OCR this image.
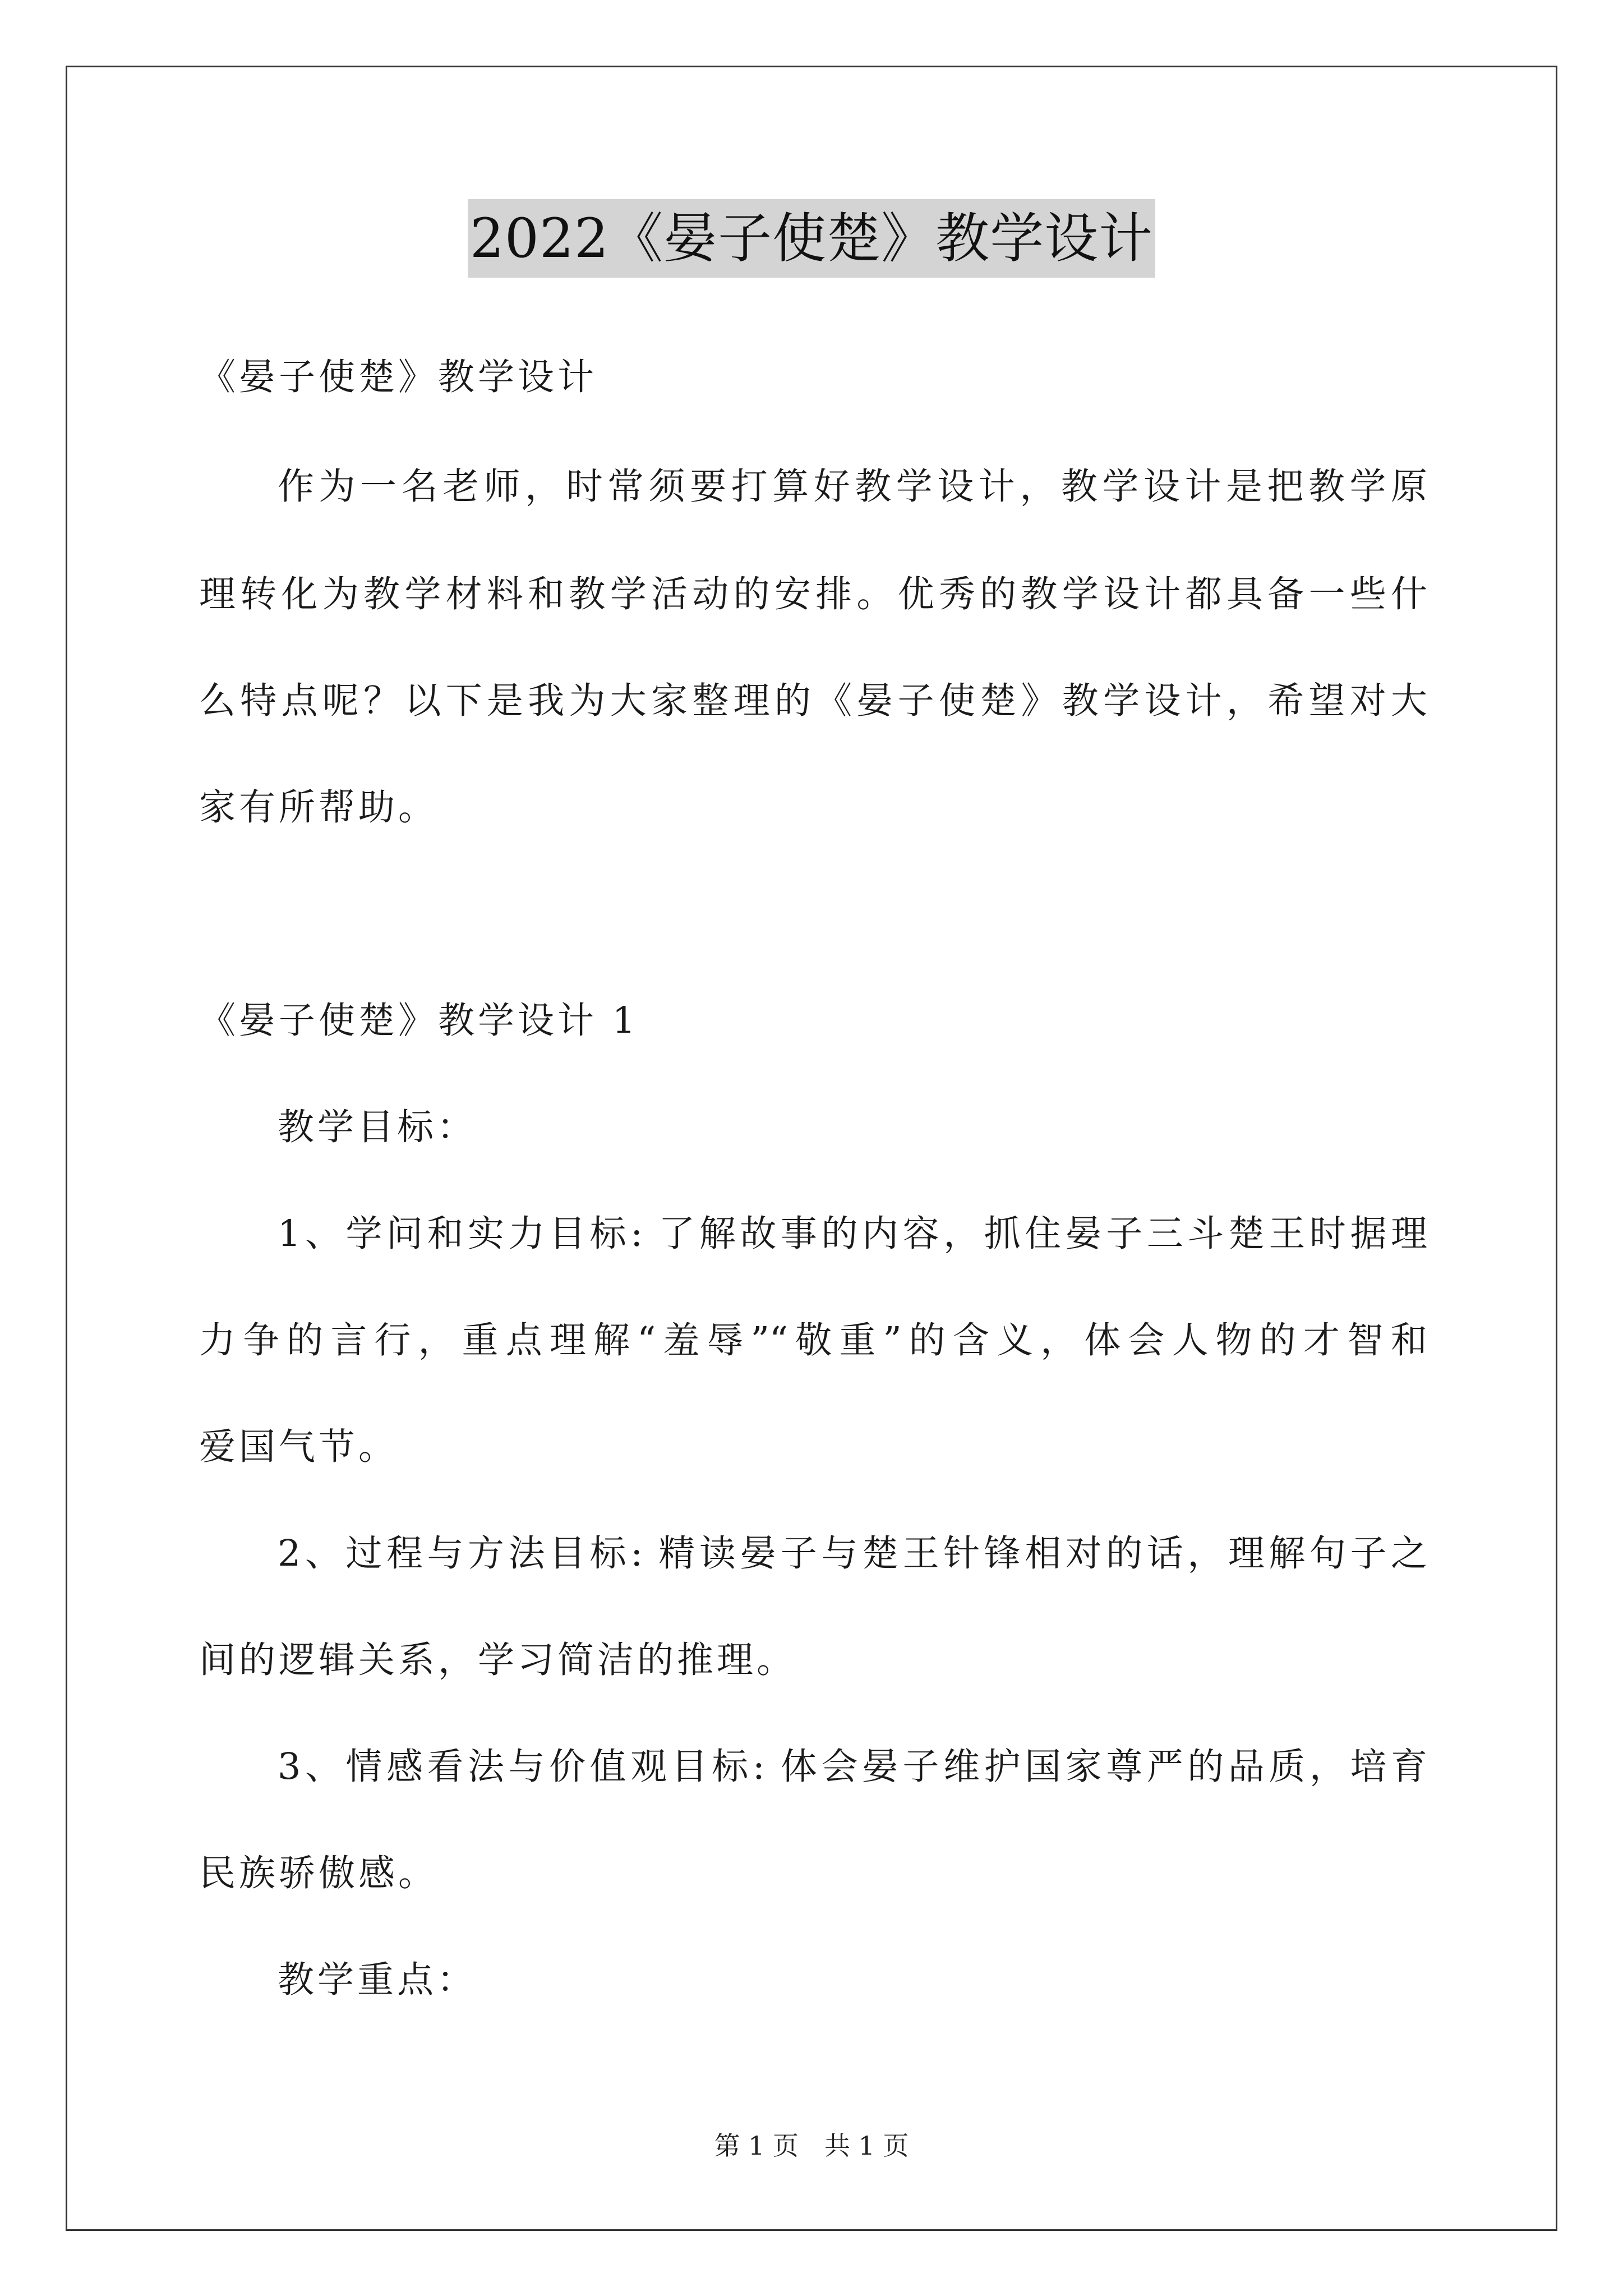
2022《晏子使楚》教学设计
《晏子使楚》教学设计
作为一名老师，时常须要打算好教学设计，教学设计是把教学原
理转化为教学材料和教学活动的安排。优秀的教学设计都具备一些什
么特点呢？以下是我为大家整理的《晏子使楚》教学设计，希望对大
家有所帮助。
《晏子使楚》教学设计 1
教学目标：
1、学问和实力目标: 了解故事的内容，抓住晏子三斗楚王时据理
力争的言行，重点理解“羞辱”“敬重”的含义，体会人物的才智和
爱国气节。
2、过程与方法目标: 精读晏子与楚王针锋相对的话，理解句子之
间的逻辑关系，学习简洁的推理。
3、情感看法与价值观目标: 体会晏子维护国家尊严的品质，培育
民族骄傲感。
教学重点：
第 1 页　共 1 页
